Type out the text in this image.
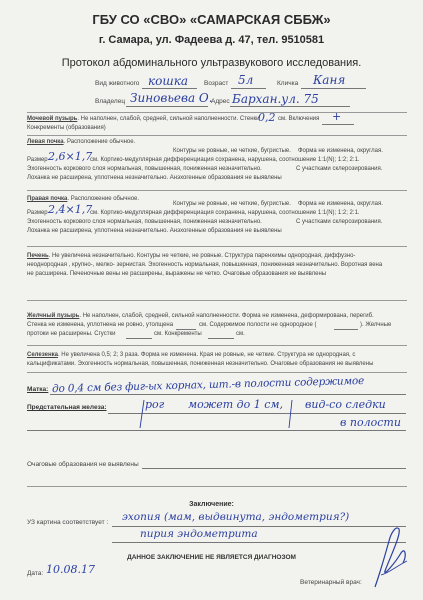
ГБУ СО «СВО» «САМАРСКАЯ СББЖ»
г. Самара, ул. Фадеева д. 47, тел. 9510581
Протокол абдоминального ультразвукового исследования.
Вид животного кошка Возраст 5л	Кличка Каня
Владелец Зиновьева О.
Адрес Бархан.ул. 75
Мочевой пузырь. Не наполнен, слабой, средней, сильной наполненности. Стенки
0,2 см. Включения +
Конкременты (образования)
Левая почка. Расположение обычное.
Контуры не ровные, не четкие, бугристые. Форма не изменена, округлая.
Размер 2,6×1,7
см. Кортико-медуллярная дифференциация сохранена, нарушена, соотношение 1:1(N); 1:2; 2:1.
Эхогенность коркового слоя нормальная, повышенная, пониженная незначительно.	С участками склерозирования.
Лоханка не расширена, уплотнена незначительно. Анэхогенные образования не выявлены
Правая почка. Расположение обычное.
Контуры не ровные, не четкие, бугристые. Форма не изменена, округлая.
Размер 2,4×1,7
см. Кортико-медуллярная дифференциация сохранена, нарушена, соотношение 1:1(N); 1:2; 2:1.
Эхогенность коркового слоя нормальная, повышенная, пониженная незначительно.	С участками склерозирования.
Лоханка не расширена, уплотнена незначительно. Анэхогенные образования не выявлены
Печень. Не увеличена незначительно. Контуры не четкие, не ровные. Структура паренхимы однородная, диффузно-
неоднородная , крупно-, мелко- зернистая. Эхогенность нормальная, повышенная, пониженная незначительно. Воротная вена
не расширена. Печеночные вены не расширены, выражены не четко. Очаговые образования не выявлены
Желчный пузырь. Не наполнен, слабой, средней, сильной наполненности. Форма не изменена, деформирована, перегиб.
Стенка не изменена, уплотнена не ровно, утолщена	см. Содержимое полости не однородное (	). Желчные
протоки не расширены. Сгустки	см. Конкременты	см.
Селезенка. Не увеличена 0,5; 2; 3 раза. Форма не изменена. Края не ровные, не четкие. Структура не однородная, с
кальцификатами. Эхогенность нормальная, повышенная, пониженная незначительно. Очаговые образования не выявлены
Матка: до 0,4 см без фиг-ых корнах, шт.-в полости содержимое
Предстательная железа:	рог может до 1 см, вид-со следки
в полости
Очаговые образования не выявлены
Заключение:
УЗ картина соответствует : эхопия (мам, выдвинута, эндометрия?)
пирия эндометрита
ДАННОЕ ЗАКЛЮЧЕНИЕ НЕ ЯВЛЯЕТСЯ ДИАГНОЗОМ
Дата: 10.08.17
Ветеринарный врач:
